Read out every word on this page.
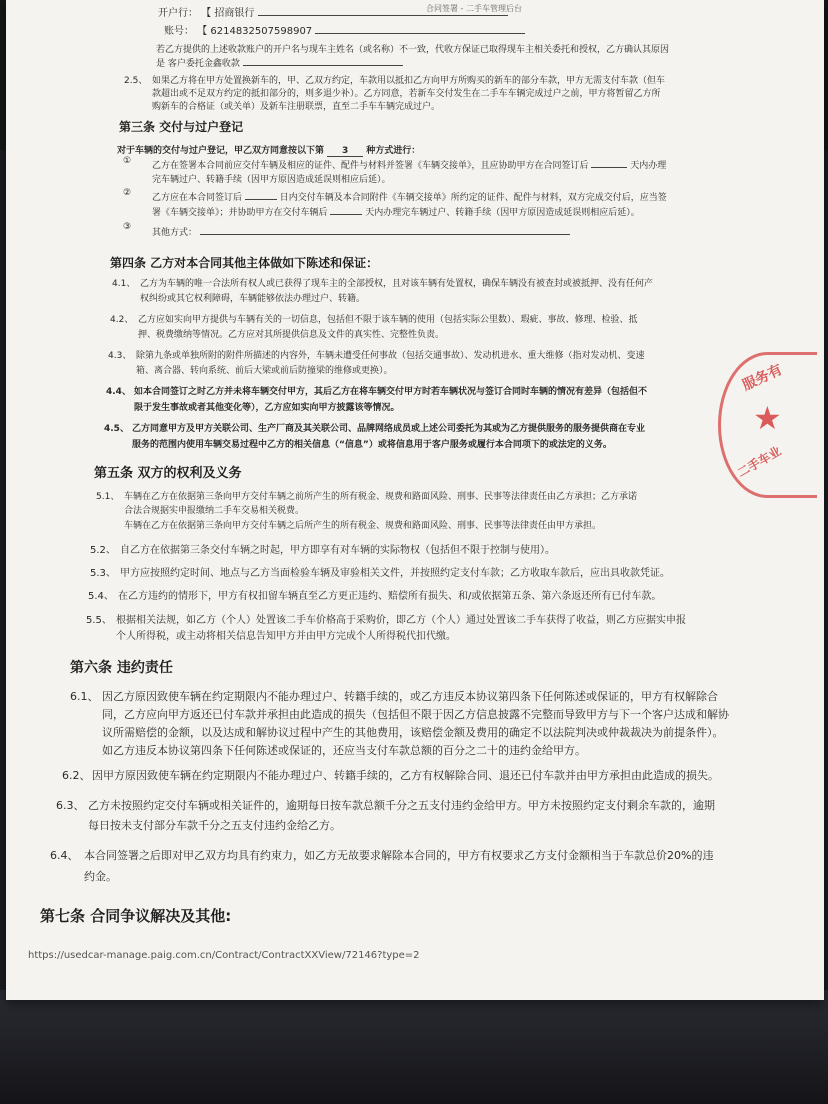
合同签署 - 二手车管理后台
开户行： 【 招商银行
账号： 【 6214832507598907
若乙方提供的上述收款账户的开户名与现车主姓名（或名称）不一致，代收方保证已取得现车主相关委托和授权，乙方确认其原因
是 客户委托金鑫收款
2.5、 如果乙方将在甲方处置换新车的，甲、乙双方约定，车款用以抵扣乙方向甲方所购买的新车的部分车款，甲方无需支付车款（但车
款超出或不足双方约定的抵扣部分的，则多退少补）。乙方同意，若新车交付发生在二手车车辆完成过户之前，甲方将暂留乙方所
购新车的合格证（或关单）及新车注册联票，直至二手车车辆完成过户。
第三条 交付与过户登记
对于车辆的交付与过户登记，甲乙双方同意按以下第 3 种方式进行：
① 乙方在签署本合同前应交付车辆及相应的证件、配件与材料并签署《车辆交接单》，且应协助甲方在合同签订后	天内办理
完车辆过户、转籍手续（因甲方原因造成延误则相应后延）。
② 乙方应在本合同签订后	日内交付车辆及本合同附件《车辆交接单》所约定的证件、配件与材料，双方完成交付后，应当签
署《车辆交接单》；并协助甲方在交付车辆后	天内办理完车辆过户、转籍手续（因甲方原因造成延误则相应后延）。
③
其他方式：
第四条 乙方对本合同其他主体做如下陈述和保证：
4.1、 乙方为车辆的唯一合法所有权人或已获得了现车主的全部授权，且对该车辆有处置权，确保车辆没有被查封或被抵押、没有任何产
权纠纷或其它权利障碍，车辆能够依法办理过户、转籍。
4.2、 乙方应如实向甲方提供与车辆有关的一切信息，包括但不限于该车辆的使用（包括实际公里数）、瑕疵、事故、修理、检验、抵
押、税费缴纳等情况。乙方应对其所提供信息及文件的真实性、完整性负责。
4.3、 除第九条或单独所附的附件所描述的内容外，车辆未遭受任何事故（包括交通事故）、发动机进水、重大维修（指对发动机、变速
箱、离合器、转向系统、前后大梁或前后防撞梁的维修或更换）。
4.4、 如本合同签订之时乙方并未将车辆交付甲方，其后乙方在将车辆交付甲方时若车辆状况与签订合同时车辆的情况有差异（包括但不
限于发生事故或者其他变化等），乙方应如实向甲方披露该等情况。
4.5、 乙方同意甲方及甲方关联公司、生产厂商及其关联公司、品牌网络成员或上述公司委托为其或为乙方提供服务的服务提供商在专业
服务的范围内使用车辆交易过程中乙方的相关信息（“信息”）或将信息用于客户服务或履行本合同项下的或法定的义务。
第五条 双方的权利及义务
5.1、 车辆在乙方在依据第三条向甲方交付车辆之前所产生的所有税金、规费和路面风险、刑事、民事等法律责任由乙方承担；乙方承诺
合法合规据实申报缴纳二手车交易相关税费。
车辆在乙方在依据第三条向甲方交付车辆之后所产生的所有税金、规费和路面风险、刑事、民事等法律责任由甲方承担。
5.2、 自乙方在依据第三条交付车辆之时起，甲方即享有对车辆的实际物权（包括但不限于控制与使用）。
5.3、 甲方应按照约定时间、地点与乙方当面检验车辆及审验相关文件，并按照约定支付车款；乙方收取车款后，应出具收款凭证。
5.4、 在乙方违约的情形下，甲方有权扣留车辆直至乙方更正违约、赔偿所有损失、和/或依据第五条、第六条返还所有已付车款。
5.5、 根据相关法规，如乙方（个人）处置该二手车价格高于采购价，即乙方（个人）通过处置该二手车获得了收益，则乙方应据实申报
个人所得税，或主动将相关信息告知甲方并由甲方完成个人所得税代扣代缴。
第六条 违约责任
6.1、 因乙方原因致使车辆在约定期限内不能办理过户、转籍手续的，或乙方违反本协议第四条下任何陈述或保证的，甲方有权解除合
同，乙方应向甲方返还已付车款并承担由此造成的损失（包括但不限于因乙方信息披露不完整而导致甲方与下一个客户达成和解协
议所需赔偿的金额，以及达成和解协议过程中产生的其他费用，该赔偿金额及费用的确定不以法院判决或仲裁裁决为前提条件）。
如乙方违反本协议第四条下任何陈述或保证的，还应当支付车款总额的百分之二十的违约金给甲方。
6.2、 因甲方原因致使车辆在约定期限内不能办理过户、转籍手续的，乙方有权解除合同、退还已付车款并由甲方承担由此造成的损失。
6.3、 乙方未按照约定交付车辆或相关证件的，逾期每日按车款总额千分之五支付违约金给甲方。甲方未按照约定支付剩余车款的，逾期
每日按未支付部分车款千分之五支付违约金给乙方。
6.4、 本合同签署之后即对甲乙双方均具有约束力，如乙方无故要求解除本合同的，甲方有权要求乙方支付金额相当于车款总价20%的违
约金。
第七条 合同争议解决及其他:
https://usedcar-manage.paig.com.cn/Contract/ContractXXView/72146?type=2
服务有
★
二手车业
